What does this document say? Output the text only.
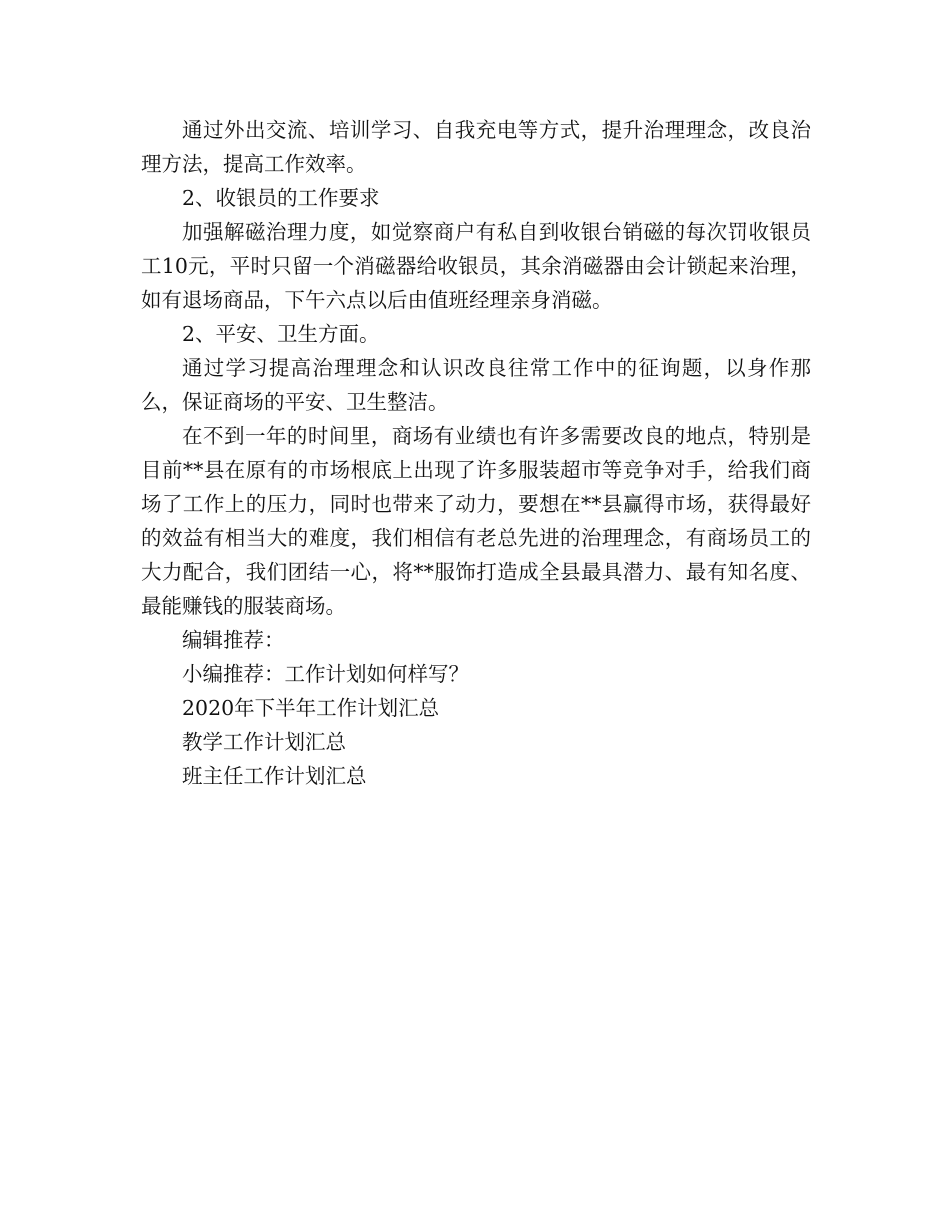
通过外出交流、培训学习、自我充电等方式，提升治理理念，改良治理方法，提高工作效率。

2、收银员的工作要求

加强解磁治理力度，如觉察商户有私自到收银台销磁的每次罚收银员工10元，平时只留一个消磁器给收银员，其余消磁器由会计锁起来治理，如有退场商品，下午六点以后由值班经理亲身消磁。

2、平安、卫生方面。

通过学习提高治理理念和认识改良往常工作中的征询题，以身作那么，保证商场的平安、卫生整洁。

在不到一年的时间里，商场有业绩也有许多需要改良的地点，特别是目前**县在原有的市场根底上出现了许多服装超市等竞争对手，给我们商场了工作上的压力，同时也带来了动力，要想在**县赢得市场，获得最好的效益有相当大的难度，我们相信有老总先进的治理理念，有商场员工的大力配合，我们团结一心，将**服饰打造成全县最具潜力、最有知名度、最能赚钱的服装商场。

编辑推荐：

小编推荐：工作计划如何样写？

2020年下半年工作计划汇总

教学工作计划汇总

班主任工作计划汇总
